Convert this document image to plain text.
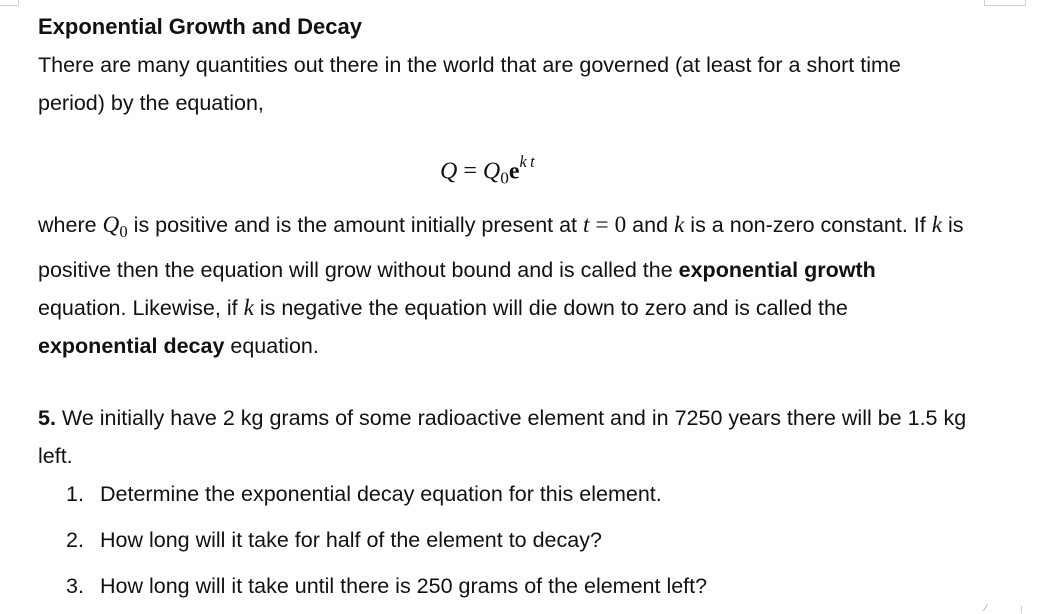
⁄
Exponential Growth and Decay

There are many quantities out there in the world that are governed (at least for a short time period) by the equation,

$Q = Q_0e^{k t}$

where $Q_0$ is positive and is the amount initially present at t = 0 and k is a non-zero constant. If k is positive then the equation will grow without bound and is called the exponential growth equation. Likewise, if k is negative the equation will die down to zero and is called the exponential decay equation.

5. We initially have 2 kg grams of some radioactive element and in 7250 years there will be 1.5 kg left.

1. Determine the exponential decay equation for this element.
2. How long will it take for half of the element to decay?
3. How long will it take until there is 250 grams of the element left?
